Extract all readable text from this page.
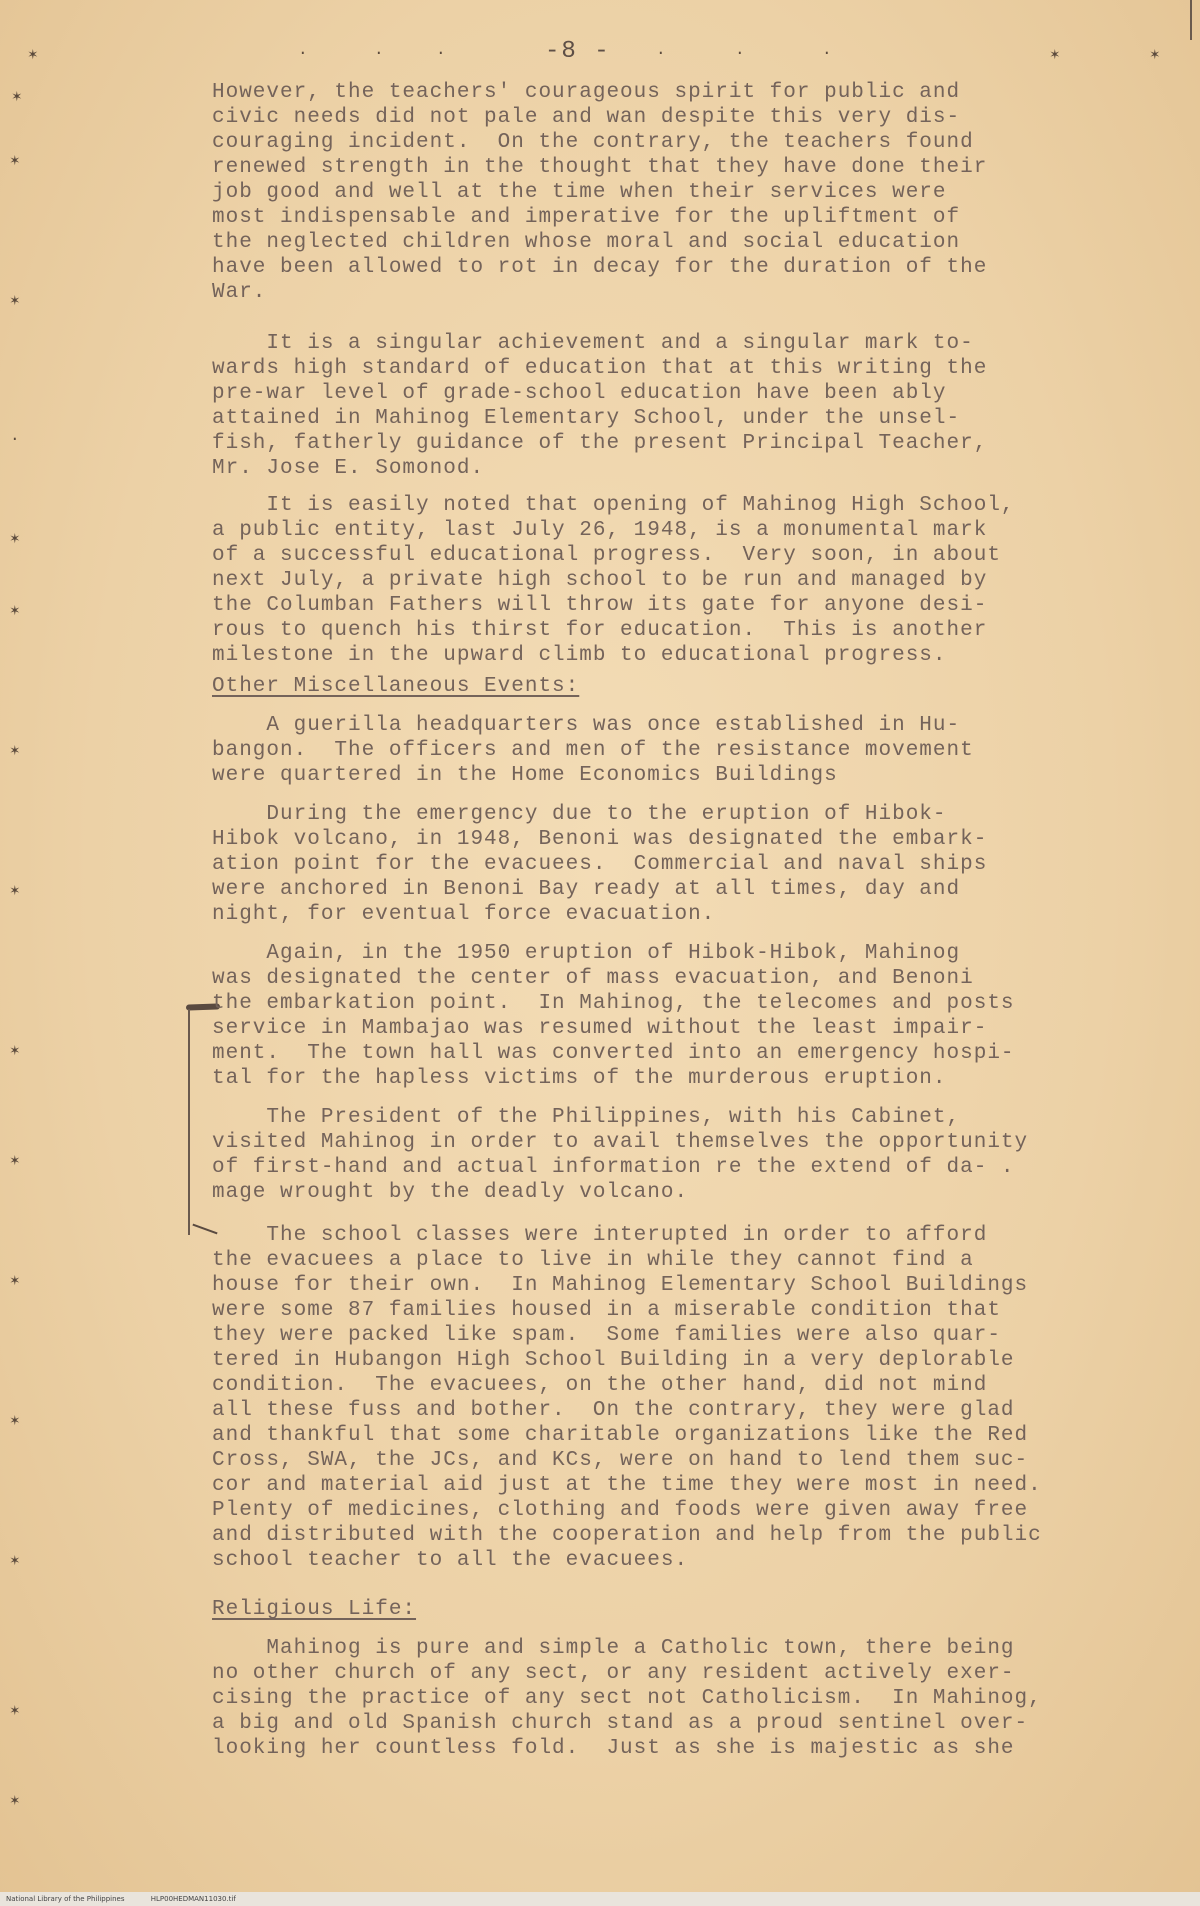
✶
✶
·	·	·	·	·	·	✶	✶
✶
✶
·
✶
✶
✶
✶
✶
✶
✶
✶
✶
✶
✶
-8 -
However, the teachers' courageous spirit for public and
civic needs did not pale and wan despite this very dis-
couraging incident.  On the contrary, the teachers found
renewed strength in the thought that they have done their
job good and well at the time when their services were
most indispensable and imperative for the upliftment of
the neglected children whose moral and social education
have been allowed to rot in decay for the duration of the
War.
It is a singular achievement and a singular mark to-
wards high standard of education that at this writing the
pre-war level of grade-school education have been ably
attained in Mahinog Elementary School, under the unsel-
fish, fatherly guidance of the present Principal Teacher,
Mr. Jose E. Somonod.
It is easily noted that opening of Mahinog High School,
a public entity, last July 26, 1948, is a monumental mark
of a successful educational progress.  Very soon, in about
next July, a private high school to be run and managed by
the Columban Fathers will throw its gate for anyone desi-
rous to quench his thirst for education.  This is another
milestone in the upward climb to educational progress.
Other Miscellaneous Events:
A guerilla headquarters was once established in Hu-
bangon.  The officers and men of the resistance movement
were quartered in the Home Economics Buildings
During the emergency due to the eruption of Hibok-
Hibok volcano, in 1948, Benoni was designated the embark-
ation point for the evacuees.  Commercial and naval ships
were anchored in Benoni Bay ready at all times, day and
night, for eventual force evacuation.
Again, in the 1950 eruption of Hibok-Hibok, Mahinog
was designated the center of mass evacuation, and Benoni
the embarkation point.  In Mahinog, the telecomes and posts
service in Mambajao was resumed without the least impair-
ment.  The town hall was converted into an emergency hospi-
tal for the hapless victims of the murderous eruption.
The President of the Philippines, with his Cabinet,
visited Mahinog in order to avail themselves the opportunity
of first-hand and actual information re the extend of da- .
mage wrought by the deadly volcano.
The school classes were interupted in order to afford
the evacuees a place to live in while they cannot find a
house for their own.  In Mahinog Elementary School Buildings
were some 87 families housed in a miserable condition that
they were packed like spam.  Some families were also quar-
tered in Hubangon High School Building in a very deplorable
condition.  The evacuees, on the other hand, did not mind
all these fuss and bother.  On the contrary, they were glad
and thankful that some charitable organizations like the Red
Cross, SWA, the JCs, and KCs, were on hand to lend them suc-
cor and material aid just at the time they were most in need.
Plenty of medicines, clothing and foods were given away free
and distributed with the cooperation and help from the public
school teacher to all the evacuees.
Religious Life:
Mahinog is pure and simple a Catholic town, there being
no other church of any sect, or any resident actively exer-
cising the practice of any sect not Catholicism.  In Mahinog,
a big and old Spanish church stand as a proud sentinel over-
looking her countless fold.  Just as she is majestic as she
National Library of the Philippines	HLP00HEDMAN11030.tif
